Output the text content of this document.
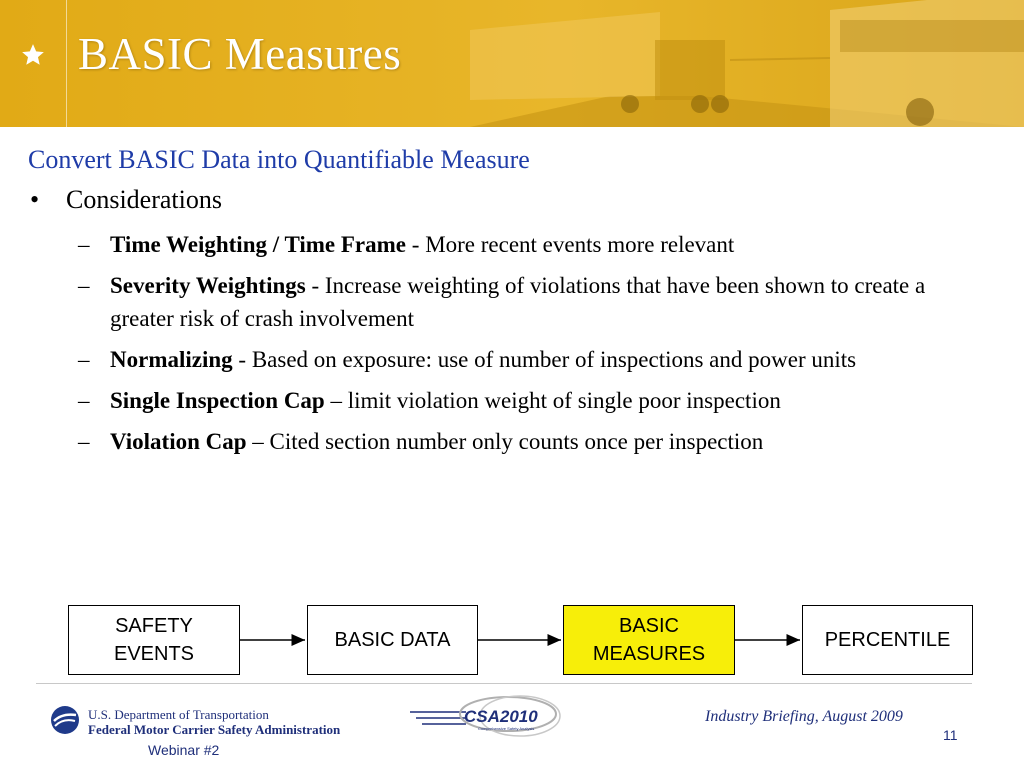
BASIC Measures
Convert BASIC Data into Quantifiable Measure
• Considerations
– Time Weighting / Time Frame - More recent events more relevant
– Severity Weightings - Increase weighting of violations that have been shown to create a greater risk of crash involvement
– Normalizing - Based on exposure: use of number of inspections and power units
– Single Inspection Cap – limit violation weight of single poor inspection
– Violation Cap – Cited section number only counts once per inspection
SAFETY
EVENTS
BASIC DATA
BASIC
MEASURES
PERCENTILE
U.S. Department of Transportation
Federal Motor Carrier Safety Administration
Webinar #2
CSA2010
Comprehensive Safety Analysis
Industry Briefing, August 2009
11
